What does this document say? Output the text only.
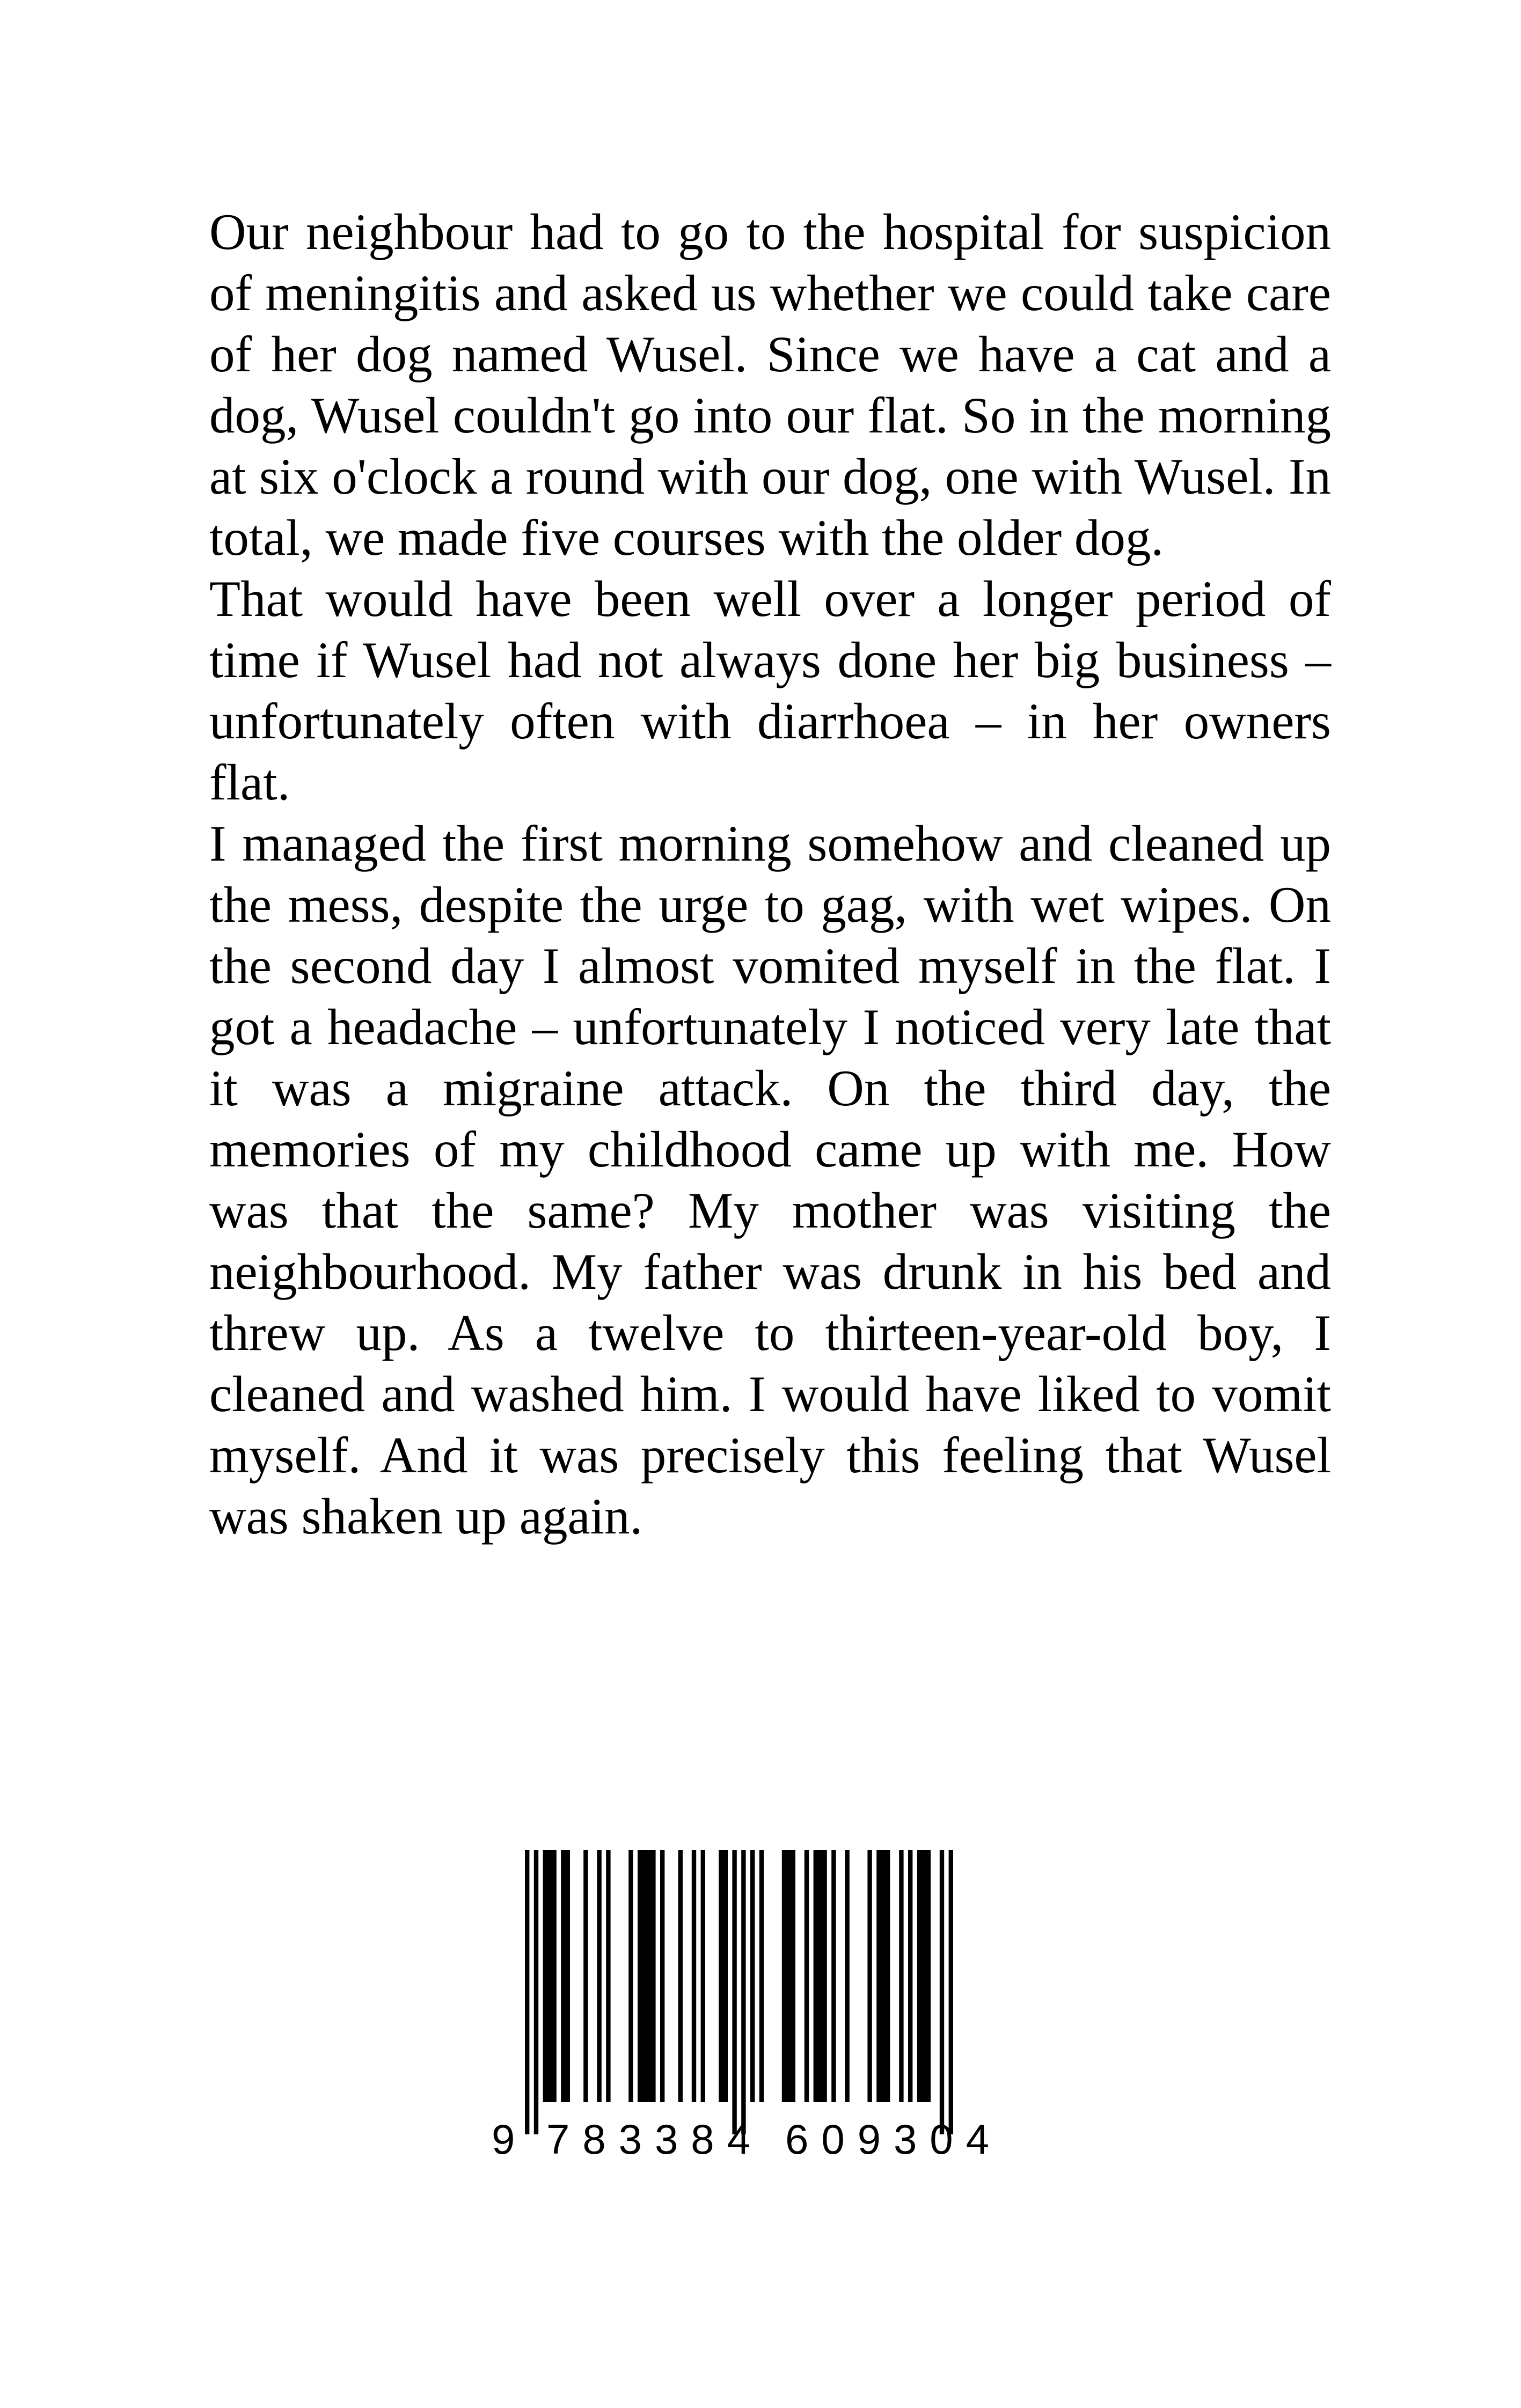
Our neighbour had to go to the hospital for suspicion of meningitis and asked us whether we could take care of her dog named Wusel. Since we have a cat and a dog, Wusel couldn't go into our flat. So in the morning at six o'clock a round with our dog, one with Wusel. In total, we made five courses with the older dog.

That would have been well over a longer period of time if Wusel had not always done her big business – unfortunately often with diarrhoea – in her owners flat.

I managed the first morning somehow and cleaned up the mess, despite the urge to gag, with wet wipes. On the second day I almost vomited myself in the flat. I got a headache – unfortunately I noticed very late that it was a migraine attack. On the third day, the memories of my childhood came up with me. How was that the same? My mother was visiting the neighbourhood. My father was drunk in his bed and threw up. As a twelve to thirteen-year-old boy, I cleaned and washed him. I would have liked to vomit myself. And it was precisely this feeling that Wusel was shaken up again.

9 783384 609304
